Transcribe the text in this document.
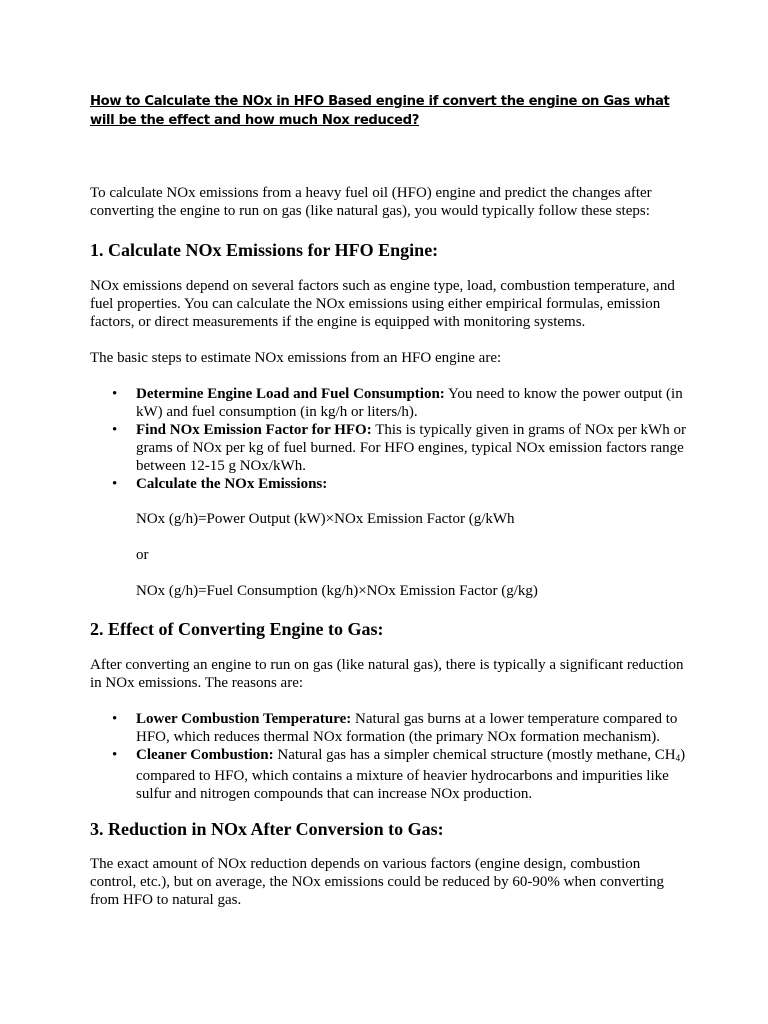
How to Calculate the NOx in HFO Based engine if convert the engine on Gas what will be the effect and how much Nox reduced?

To calculate NOx emissions from a heavy fuel oil (HFO) engine and predict the changes after converting the engine to run on gas (like natural gas), you would typically follow these steps:

1. Calculate NOx Emissions for HFO Engine:

NOx emissions depend on several factors such as engine type, load, combustion temperature, and fuel properties. You can calculate the NOx emissions using either empirical formulas, emission factors, or direct measurements if the engine is equipped with monitoring systems.

The basic steps to estimate NOx emissions from an HFO engine are:

• Determine Engine Load and Fuel Consumption: You need to know the power output (in kW) and fuel consumption (in kg/h or liters/h).
• Find NOx Emission Factor for HFO: This is typically given in grams of NOx per kWh or grams of NOx per kg of fuel burned. For HFO engines, typical NOx emission factors range between 12-15 g NOx/kWh.
• Calculate the NOx Emissions:

NOx (g/h)=Power Output (kW)×NOx Emission Factor (g/kWh

or

NOx (g/h)=Fuel Consumption (kg/h)×NOx Emission Factor (g/kg)

2. Effect of Converting Engine to Gas:

After converting an engine to run on gas (like natural gas), there is typically a significant reduction in NOx emissions. The reasons are:

• Lower Combustion Temperature: Natural gas burns at a lower temperature compared to HFO, which reduces thermal NOx formation (the primary NOx formation mechanism).
• Cleaner Combustion: Natural gas has a simpler chemical structure (mostly methane, $CH_4$) compared to HFO, which contains a mixture of heavier hydrocarbons and impurities like sulfur and nitrogen compounds that can increase NOx production.

3. Reduction in NOx After Conversion to Gas:

The exact amount of NOx reduction depends on various factors (engine design, combustion control, etc.), but on average, the NOx emissions could be reduced by 60-90% when converting from HFO to natural gas.
